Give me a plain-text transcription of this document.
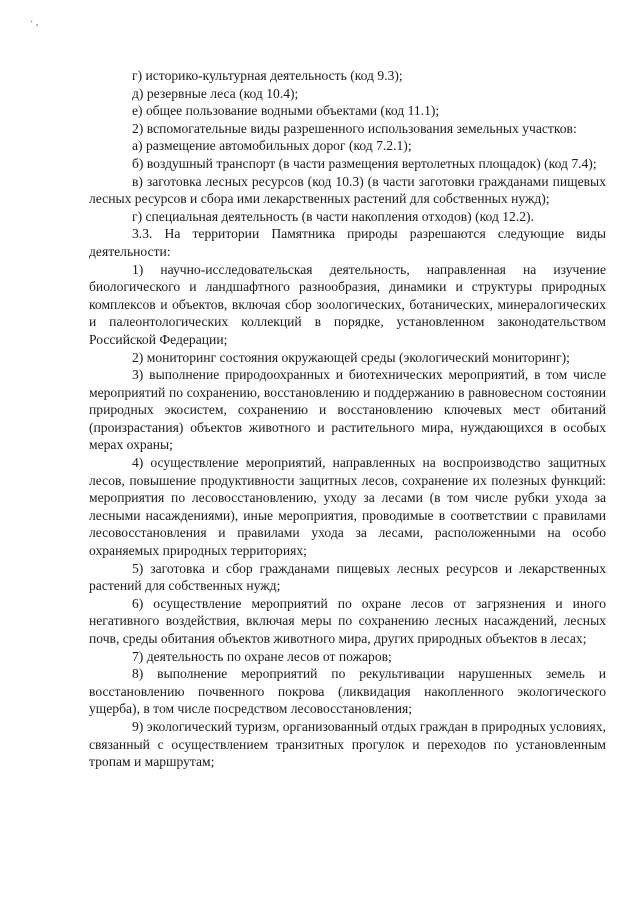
· ,

г) историко-культурная деятельность (код 9.3);

д) резервные леса (код 10.4);

е) общее пользование водными объектами (код 11.1);

2) вспомогательные виды разрешенного использования земельных участков:

а) размещение автомобильных дорог (код 7.2.1);

б) воздушный транспорт (в части размещения вертолетных площадок) (код 7.4);

в) заготовка лесных ресурсов (код 10.3) (в части заготовки гражданами пищевых лесных ресурсов и сбора ими лекарственных растений для собственных нужд);

г) специальная деятельность (в части накопления отходов) (код 12.2).

3.3. На территории Памятника природы разрешаются следующие виды деятельности:

1) научно-исследовательская деятельность, направленная на изучение биологического и ландшафтного разнообразия, динамики и структуры природных комплексов и объектов, включая сбор зоологических, ботанических, минералогических и палеонтологических коллекций в порядке, установленном законодательством Российской Федерации;

2) мониторинг состояния окружающей среды (экологический мониторинг);

3) выполнение природоохранных и биотехнических мероприятий, в том числе мероприятий по сохранению, восстановлению и поддержанию в равновесном состоянии природных экосистем, сохранению и восстановлению ключевых мест обитаний (произрастания) объектов животного и растительного мира, нуждающихся в особых мерах охраны;

4) осуществление мероприятий, направленных на воспроизводство защитных лесов, повышение продуктивности защитных лесов, сохранение их полезных функций: мероприятия по лесовосстановлению, уходу за лесами (в том числе рубки ухода за лесными насаждениями), иные мероприятия, проводимые в соответствии с правилами лесовосстановления и правилами ухода за лесами, расположенными на особо охраняемых природных территориях;

5) заготовка и сбор гражданами пищевых лесных ресурсов и лекарственных растений для собственных нужд;

6) осуществление мероприятий по охране лесов от загрязнения и иного негативного воздействия, включая меры по сохранению лесных насаждений, лесных почв, среды обитания объектов животного мира, других природных объектов в лесах;

7) деятельность по охране лесов от пожаров;

8) выполнение мероприятий по рекультивации нарушенных земель и восстановлению почвенного покрова (ликвидация накопленного экологического ущерба), в том числе посредством лесовосстановления;

9) экологический туризм, организованный отдых граждан в природных условиях, связанный с осуществлением транзитных прогулок и переходов по установленным тропам и маршрутам;
